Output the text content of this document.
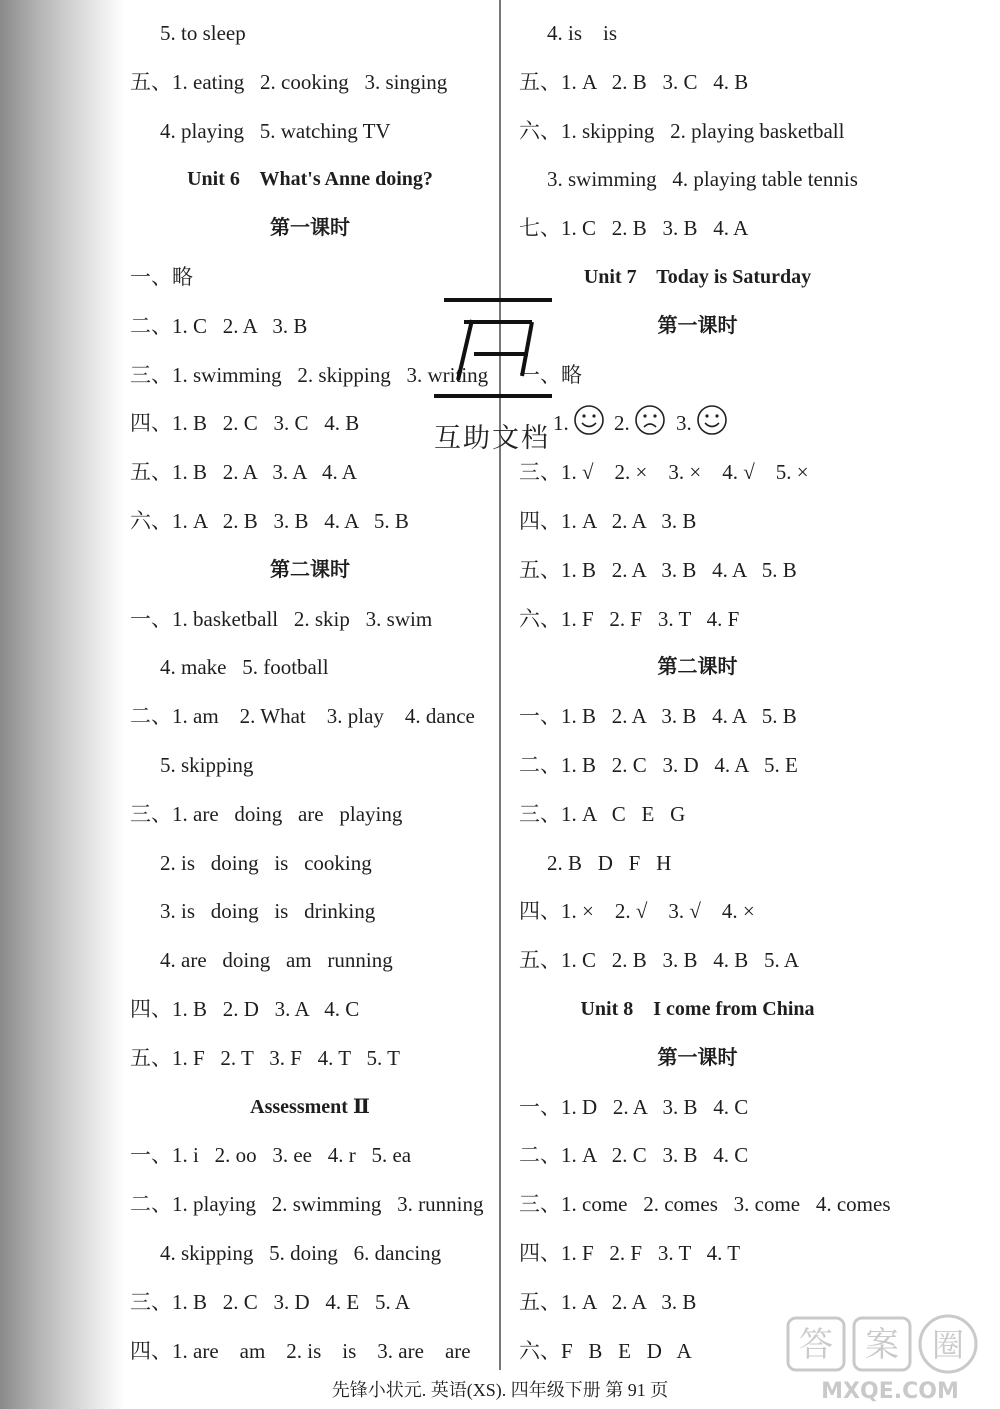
5. to sleep
五、1. eating   2. cooking   3. singing
4. playing   5. watching TV
Unit 6    What's Anne doing?
第一课时
一、略
二、1. C   2. A   3. B
三、1. swimming   2. skipping   3. writing
四、1. B   2. C   3. C   4. B
五、1. B   2. A   3. A   4. A
六、1. A   2. B   3. B   4. A   5. B
第二课时
一、1. basketball   2. skip   3. swim
4. make   5. football
二、1. am    2. What    3. play    4. dance
5. skipping
三、1. are   doing   are   playing
2. is   doing   is   cooking
3. is   doing   is   drinking
4. are   doing   am   running
四、1. B   2. D   3. A   4. C
五、1. F   2. T   3. F   4. T   5. T
Assessment Ⅱ
一、1. i   2. oo   3. ee   4. r   5. ea
二、1. playing   2. swimming   3. running
4. skipping   5. doing   6. dancing
三、1. B   2. C   3. D   4. E   5. A
四、1. are    am    2. is    is    3. are    are
4. is    is
五、1. A   2. B   3. C   4. B
六、1. skipping   2. playing basketball
3. swimming   4. playing table tennis
七、1. C   2. B   3. B   4. A
Unit 7    Today is Saturday
第一课时
一、略
1. 2. 3.
三、1. √    2. ×    3. ×    4. √    5. ×
四、1. A   2. A   3. B
五、1. B   2. A   3. B   4. A   5. B
六、1. F   2. F   3. T   4. F
第二课时
一、1. B   2. A   3. B   4. A   5. B
二、1. B   2. C   3. D   4. A   5. E
三、1. A   C   E   G
2. B   D   F   H
四、1. ×    2. √    3. √    4. ×
五、1. C   2. B   3. B   4. B   5. A
Unit 8    I come from China
第一课时
一、1. D   2. A   3. B   4. C
二、1. A   2. C   3. B   4. C
三、1. come   2. comes   3. come   4. comes
四、1. F   2. F   3. T   4. T
五、1. A   2. A   3. B
六、F   B   E   D   A
互助文档
答 案 圈
MXQE.COM
先锋小状元. 英语(XS). 四年级下册 第 91 页
